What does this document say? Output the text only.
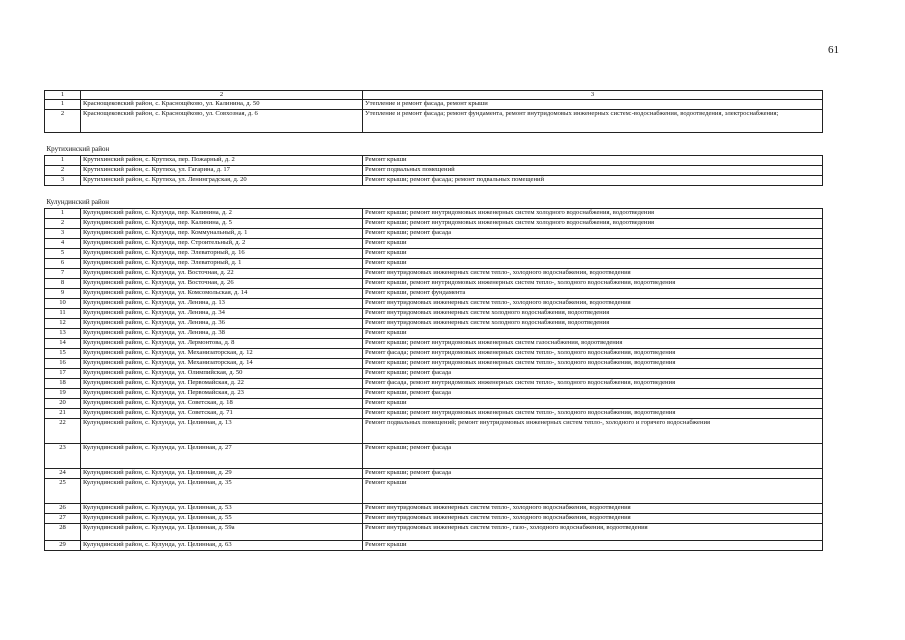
61
1	2	3
1	Краснощековский район, с. Краснощёково, ул. Калинина, д. 50	Утепление и ремонт фасада, ремонт крыши
2	Краснощековский район, с. Краснощёково, ул. Совхозная, д. 6	Утепление и ремонт фасада; ремонт фундамента, ремонт внутридомовых инженерных систем:-водоснабжения, водоотведения, электроснабжения;
Крутихинский район		
1	Крутихинский район, с. Крутиха, пер. Пожарный, д. 2	Ремонт крыши
2	Крутихинский район, с. Крутиха, ул. Гагарина, д. 17	Ремонт подвальных помещений
3	Крутихинский район, с. Крутиха, ул. Ленинградская, д. 20	Ремонт крыши; ремонт фасада; ремонт подвальных помещений
Кулундинский район		
1	Кулундинский район, с. Кулунда, пер. Калинина, д. 2	Ремонт крыши; ремонт внутридомовых инженерных систем холодного водоснабжения, водоотведения
2	Кулундинский район, с. Кулунда, пер. Калинина, д. 5	Ремонт крыши; ремонт внутридомовых инженерных систем холодного водоснабжения, водоотведения
3	Кулундинский район, с. Кулунда, пер. Коммунальный, д. 1	Ремонт крыши; ремонт фасада
4	Кулундинский район, с. Кулунда, пер. Строительный, д. 2	Ремонт крыши
5	Кулундинский район, с. Кулунда, пер. Элеваторный, д. 16	Ремонт крыши
6	Кулундинский район, с. Кулунда, пер. Элеваторный, д. 1	Ремонт крыши
7	Кулундинский район, с. Кулунда, ул. Восточная, д. 22	Ремонт внутридомовых инженерных систем тепло-, холодного водоснабжения, водоотведения
8	Кулундинский район, с. Кулунда, ул. Восточная, д. 26	Ремонт крыши, ремонт внутридомовых инженерных систем тепло-, холодного водоснабжения, водоотведения
9	Кулундинский район, с. Кулунда, ул. Комсомольская, д. 14	Ремонт крыши, ремонт фундамента
10	Кулундинский район, с. Кулунда, ул. Ленина, д. 13	Ремонт внутридомовых инженерных систем тепло-, холодного водоснабжения, водоотведения
11	Кулундинский район, с. Кулунда, ул. Ленина, д. 34	Ремонт внутридомовых инженерных систем холодного водоснабжения, водоотведения
12	Кулундинский район, с. Кулунда, ул. Ленина, д. 36	Ремонт внутридомовых инженерных систем холодного водоснабжения, водоотведения
13	Кулундинский район, с. Кулунда, ул. Ленина, д. 38	Ремонт крыши
14	Кулундинский район, с. Кулунда, ул. Лермонтова, д. 8	Ремонт крыши; ремонт внутридомовых инженерных систем газоснабжения, водоотведения
15	Кулундинский район, с. Кулунда, ул. Механизаторская, д. 12	Ремонт фасада; ремонт внутридомовых инженерных систем тепло-, холодного водоснабжения, водоотведения
16	Кулундинский район, с. Кулунда, ул. Механизаторская, д. 14	Ремонт крыши; ремонт внутридомовых инженерных систем тепло-, холодного водоснабжения, водоотведения
17	Кулундинский район, с. Кулунда, ул. Олимпийская, д. 50	Ремонт крыши; ремонт фасада
18	Кулундинский район, с. Кулунда, ул. Первомайская, д. 22	Ремонт фасада, ремонт внутридомовых инженерных систем тепло-, холодного водоснабжения, водоотведения
19	Кулундинский район, с. Кулунда, ул. Первомайская, д. 23	Ремонт крыши, ремонт фасада
20	Кулундинский район, с. Кулунда, ул. Советская, д. 18	Ремонт крыши
21	Кулундинский район, с. Кулунда, ул. Советская, д. 71	Ремонт крыши; ремонт внутридомовых инженерных систем тепло-, холодного водоснабжения, водоотведения
22	Кулундинский район, с. Кулунда, ул. Целинная, д. 13	Ремонт подвальных помещений; ремонт внутридомовых инженерных систем тепло-, холодного и горячего водоснабжения
23	Кулундинский район, с. Кулунда, ул. Целинная, д. 27	Ремонт крыши; ремонт фасада
24	Кулундинский район, с. Кулунда, ул. Целинная, д. 29	Ремонт крыши; ремонт фасада
25	Кулундинский район, с. Кулунда, ул. Целинная, д. 35	Ремонт крыши
26	Кулундинский район, с. Кулунда, ул. Целинная, д. 53	Ремонт внутридомовых инженерных систем тепло-, холодного водоснабжения, водоотведения
27	Кулундинский район, с. Кулунда, ул. Целинная, д. 55	Ремонт внутридомовых инженерных систем тепло-, холодного водоснабжения, водоотведения
28	Кулундинский район, с. Кулунда, ул. Целинная, д. 59а	Ремонт внутридомовых инженерных систем тепло-, газо-, холодного водоснабжения, водоотведения
29	Кулундинский район, с. Кулунда, ул. Целинная, д. 63	Ремонт крыши
